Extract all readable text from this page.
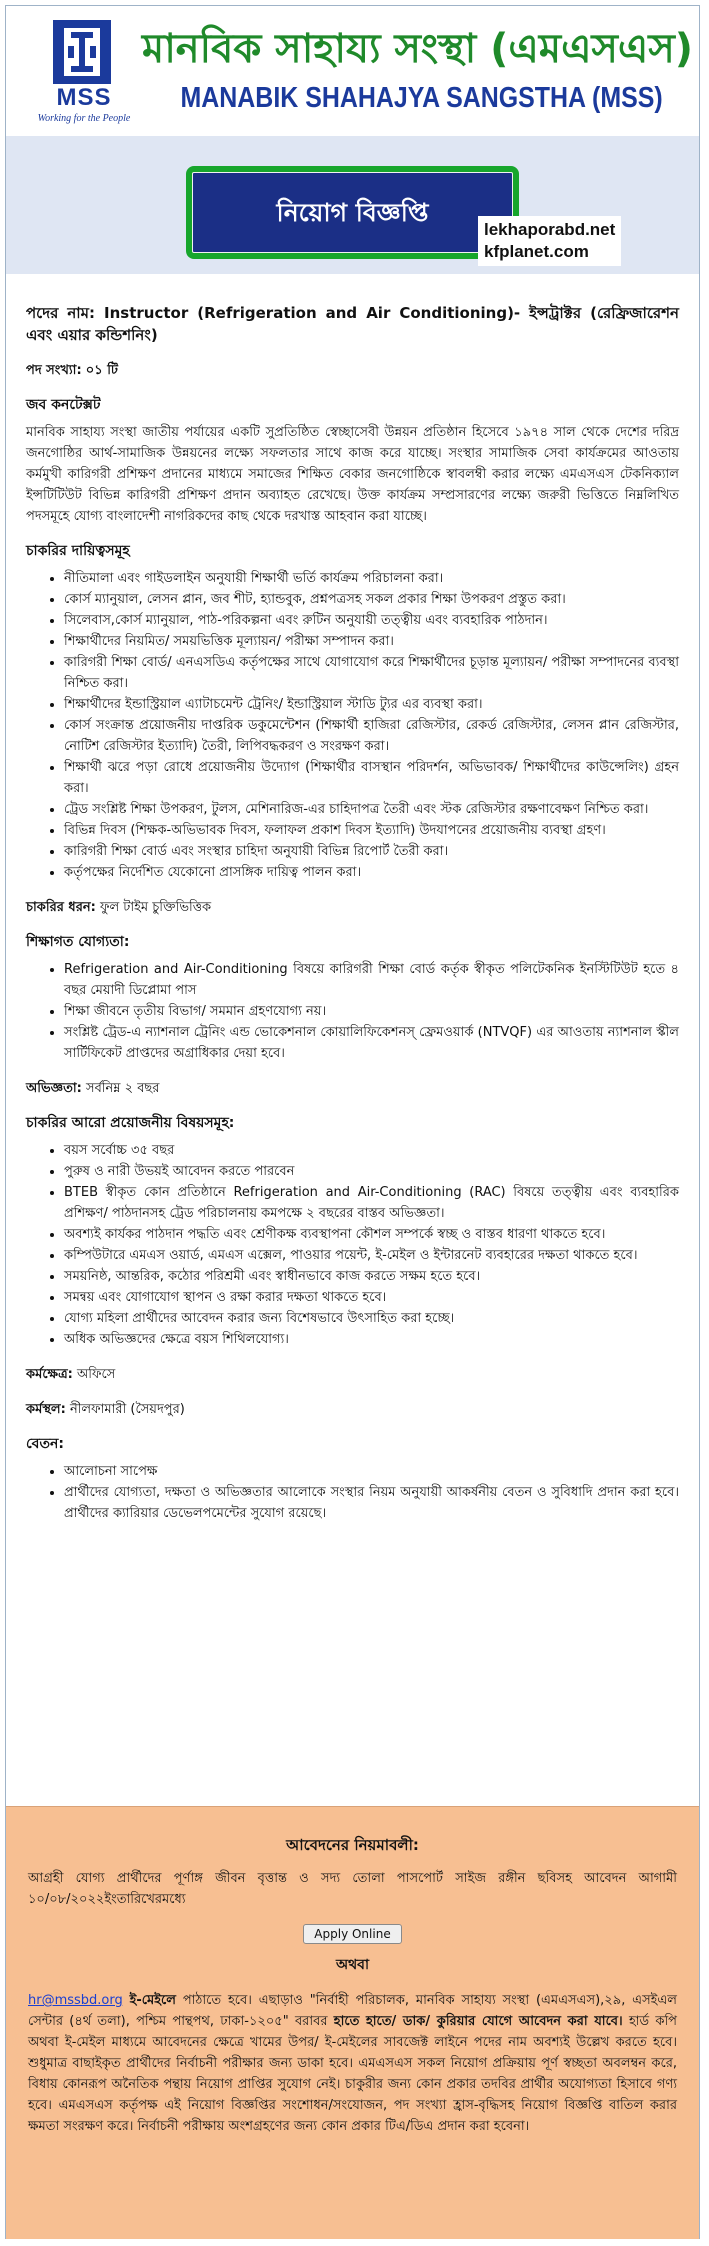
MSS
Working for the People
মানবিক সাহায্য সংস্থা (এমএসএস)
MANABIK SHAHAJYA SANGSTHA (MSS)
নিয়োগ বিজ্ঞপ্তি
lekhaporabd.net
kfplanet.com
পদের নাম: Instructor (Refrigeration and Air Conditioning)- ইন্সট্রাক্টর (রেফ্রিজারেশন এবং এয়ার কন্ডিশনিং)
পদ সংখ্যা: ০১ টি
জব কনটেক্সট

মানবিক সাহায্য সংস্থা জাতীয় পর্যায়ের একটি সুপ্রতিষ্ঠিত স্বেচ্ছাসেবী উন্নয়ন প্রতিষ্ঠান হিসেবে ১৯৭৪ সাল থেকে দেশের দরিদ্র জনগোষ্ঠির আর্থ-সামাজিক উন্নয়নের লক্ষ্যে সফলতার সাথে কাজ করে যাচ্ছে। সংস্থার সামাজিক সেবা কার্যক্রমের আওতায় কর্মমুখী কারিগরী প্রশিক্ষণ প্রদানের মাধ্যমে সমাজের শিক্ষিত বেকার জনগোষ্ঠিকে স্বাবলম্বী করার লক্ষ্যে এমএসএস টেকনিক্যাল ইন্সটিটিউট বিভিন্ন কারিগরী প্রশিক্ষণ প্রদান অব্যাহত রেখেছে। উক্ত কার্যক্রম সম্প্রসারণের লক্ষ্যে জরুরী ভিত্তিতে নিম্নলিখিত পদসমূহে যোগ্য বাংলাদেশী নাগরিকদের কাছ থেকে দরখাস্ত আহবান করা যাচ্ছে।

চাকরির দায়িত্বসমূহ
• নীতিমালা এবং গাইডলাইন অনুযায়ী শিক্ষার্থী ভর্তি কার্যক্রম পরিচালনা করা।
• কোর্স ম্যানুয়াল, লেসন প্লান, জব শীট, হ্যান্ডবুক, প্রশ্নপত্রসহ সকল প্রকার শিক্ষা উপকরণ প্রস্তুত করা।
• সিলেবাস,কোর্স ম্যানুয়াল, পাঠ-পরিকল্পনা এবং রুটিন অনুযায়ী তত্ত্বীয় এবং ব্যবহারিক পাঠদান।
• শিক্ষার্থীদের নিয়মিত/ সময়ভিত্তিক মূল্যায়ন/ পরীক্ষা সম্পাদন করা।
• কারিগরী শিক্ষা বোর্ড/ এনএসডিএ কর্তৃপক্ষের সাথে যোগাযোগ করে শিক্ষার্থীদের চূড়ান্ত মূল্যায়ন/ পরীক্ষা সম্পাদনের ব্যবস্থা নিশ্চিত করা।
• শিক্ষার্থীদের ইন্ডাস্ট্রিয়াল এ্যাটাচমেন্ট ট্রেনিং/ ইন্ডাস্ট্রিয়াল স্টাডি ট্যুর এর ব্যবস্থা করা।
• কোর্স সংক্রান্ত প্রয়োজনীয় দাপ্তরিক ডকুমেন্টেশন (শিক্ষার্থী হাজিরা রেজিস্টার, রেকর্ড রেজিস্টার, লেসন প্লান রেজিস্টার, নোটিশ রেজিস্টার ইত্যাদি) তৈরী, লিপিবদ্ধকরণ ও সংরক্ষণ করা।
• শিক্ষার্থী ঝরে পড়া রোধে প্রয়োজনীয় উদ্যোগ (শিক্ষার্থীর বাসস্থান পরিদর্শন, অভিভাবক/ শিক্ষার্থীদের কাউন্সেলিং) গ্রহন করা।
• ট্রেড সংশ্লিষ্ট শিক্ষা উপকরণ, টুলস, মেশিনারিজ-এর চাহিদাপত্র তৈরী এবং স্টক রেজিস্টার রক্ষণাবেক্ষণ নিশ্চিত করা।
• বিভিন্ন দিবস (শিক্ষক-অভিভাবক দিবস, ফলাফল প্রকাশ দিবস ইত্যাদি) উদযাপনের প্রয়োজনীয় ব্যবস্থা গ্রহণ।
• কারিগরী শিক্ষা বোর্ড এবং সংস্থার চাহিদা অনুযায়ী বিভিন্ন রিপোর্ট তৈরী করা।
• কর্তৃপক্ষের নির্দেশিত যেকোনো প্রাসঙ্গিক দায়িত্ব পালন করা।
চাকরির ধরন: ফুল টাইম চুক্তিভিত্তিক
শিক্ষাগত যোগ্যতা:
• Refrigeration and Air-Conditioning বিষয়ে কারিগরী শিক্ষা বোর্ড কর্তৃক স্বীকৃত পলিটেকনিক ইনস্টিটিউট হতে ৪ বছর মেয়াদী ডিপ্লোমা পাস
• শিক্ষা জীবনে তৃতীয় বিভাগ/ সমমান গ্রহণযোগ্য নয়।
• সংশ্লিষ্ট ট্রেড-এ ন্যাশনাল ট্রেনিং এন্ড ভোকেশনাল কোয়ালিফিকেশনস্ ফ্রেমওয়ার্ক (NTVQF) এর আওতায় ন্যাশনাল স্কীল সার্টিফিকেট প্রাপ্তদের অগ্রাধিকার দেয়া হবে।
অভিজ্ঞতা: সর্বনিম্ন ২ বছর
চাকরির আরো প্রয়োজনীয় বিষয়সমূহ:
• বয়স সর্বোচ্চ ৩৫ বছর
• পুরুষ ও নারী উভয়ই আবেদন করতে পারবেন
• BTEB স্বীকৃত কোন প্রতিষ্ঠানে Refrigeration and Air-Conditioning (RAC) বিষয়ে তত্ত্বীয় এবং ব্যবহারিক প্রশিক্ষণ/ পাঠদানসহ ট্রেড পরিচালনায় কমপক্ষে ২ বছরের বাস্তব অভিজ্ঞতা।
• অবশ্যই কার্যকর পাঠদান পদ্ধতি এবং শ্রেণীকক্ষ ব্যবস্থাপনা কৌশল সম্পর্কে স্বচ্ছ ও বাস্তব ধারণা থাকতে হবে।
• কম্পিউটারে এমএস ওয়ার্ড, এমএস এক্সেল, পাওয়ার পয়েন্ট, ই-মেইল ও ইন্টারনেট ব্যবহারের দক্ষতা থাকতে হবে।
• সময়নিষ্ঠ, আন্তরিক, কঠোর পরিশ্রমী এবং স্বাধীনভাবে কাজ করতে সক্ষম হতে হবে।
• সমন্বয় এবং যোগাযোগ স্থাপন ও রক্ষা করার দক্ষতা থাকতে হবে।
• যোগ্য মহিলা প্রার্থীদের আবেদন করার জন্য বিশেষভাবে উৎসাহিত করা হচ্ছে।
• অধিক অভিজ্ঞদের ক্ষেত্রে বয়স শিথিলযোগ্য।
কর্মক্ষেত্র: অফিসে
কর্মস্থল: নীলফামারী (সৈয়দপুর)
বেতন:
• আলোচনা সাপেক্ষ
• প্রার্থীদের যোগ্যতা, দক্ষতা ও অভিজ্ঞতার আলোকে সংস্থার নিয়ম অনুযায়ী আকর্ষনীয় বেতন ও সুবিধাদি প্রদান করা হবে। প্রার্থীদের ক্যারিয়ার ডেভেলপমেন্টের সুযোগ রয়েছে।
আবেদনের নিয়মাবলী:

আগ্রহী যোগ্য প্রার্থীদের পূর্ণাঙ্গ জীবন বৃত্তান্ত ও সদ্য তোলা পাসপোর্ট সাইজ রঙ্গীন ছবিসহ আবেদন আগামী ১০/০৮/২০২২ইংতারিখেরমধ্যে

Apply Online
অথবা

hr@mssbd.org ই-মেইলে পাঠাতে হবে। এছাড়াও "নির্বাহী পরিচালক, মানবিক সাহায্য সংস্থা (এমএসএস),২৯, এসইএল সেন্টার (৪র্থ তলা), পশ্চিম পান্থপথ, ঢাকা-১২০৫" বরাবর হাতে হাতে/ ডাক/ কুরিয়ার যোগে আবেদন করা যাবে। হার্ড কপি অথবা ই-মেইল মাধ্যমে আবেদনের ক্ষেত্রে খামের উপর/ ই-মেইলের সাবজেক্ট লাইনে পদের নাম অবশ্যই উল্লেখ করতে হবে। শুধুমাত্র বাছাইকৃত প্রার্থীদের নির্বাচনী পরীক্ষার জন্য ডাকা হবে। এমএসএস সকল নিয়োগ প্রক্রিয়ায় পূর্ণ স্বচ্ছতা অবলম্বন করে, বিধায় কোনরূপ অনৈতিক পন্থায় নিয়োগ প্রাপ্তির সুযোগ নেই। চাকুরীর জন্য কোন প্রকার তদবির প্রার্থীর অযোগ্যতা হিসাবে গণ্য হবে। এমএসএস কর্তৃপক্ষ এই নিয়োগ বিজ্ঞপ্তির সংশোধন/সংযোজন, পদ সংখ্যা হ্রাস-বৃদ্ধিসহ নিয়োগ বিজ্ঞপ্তি বাতিল করার ক্ষমতা সংরক্ষণ করে। নির্বাচনী পরীক্ষায় অংশগ্রহণের জন্য কোন প্রকার টিএ/ডিএ প্রদান করা হবেনা।
